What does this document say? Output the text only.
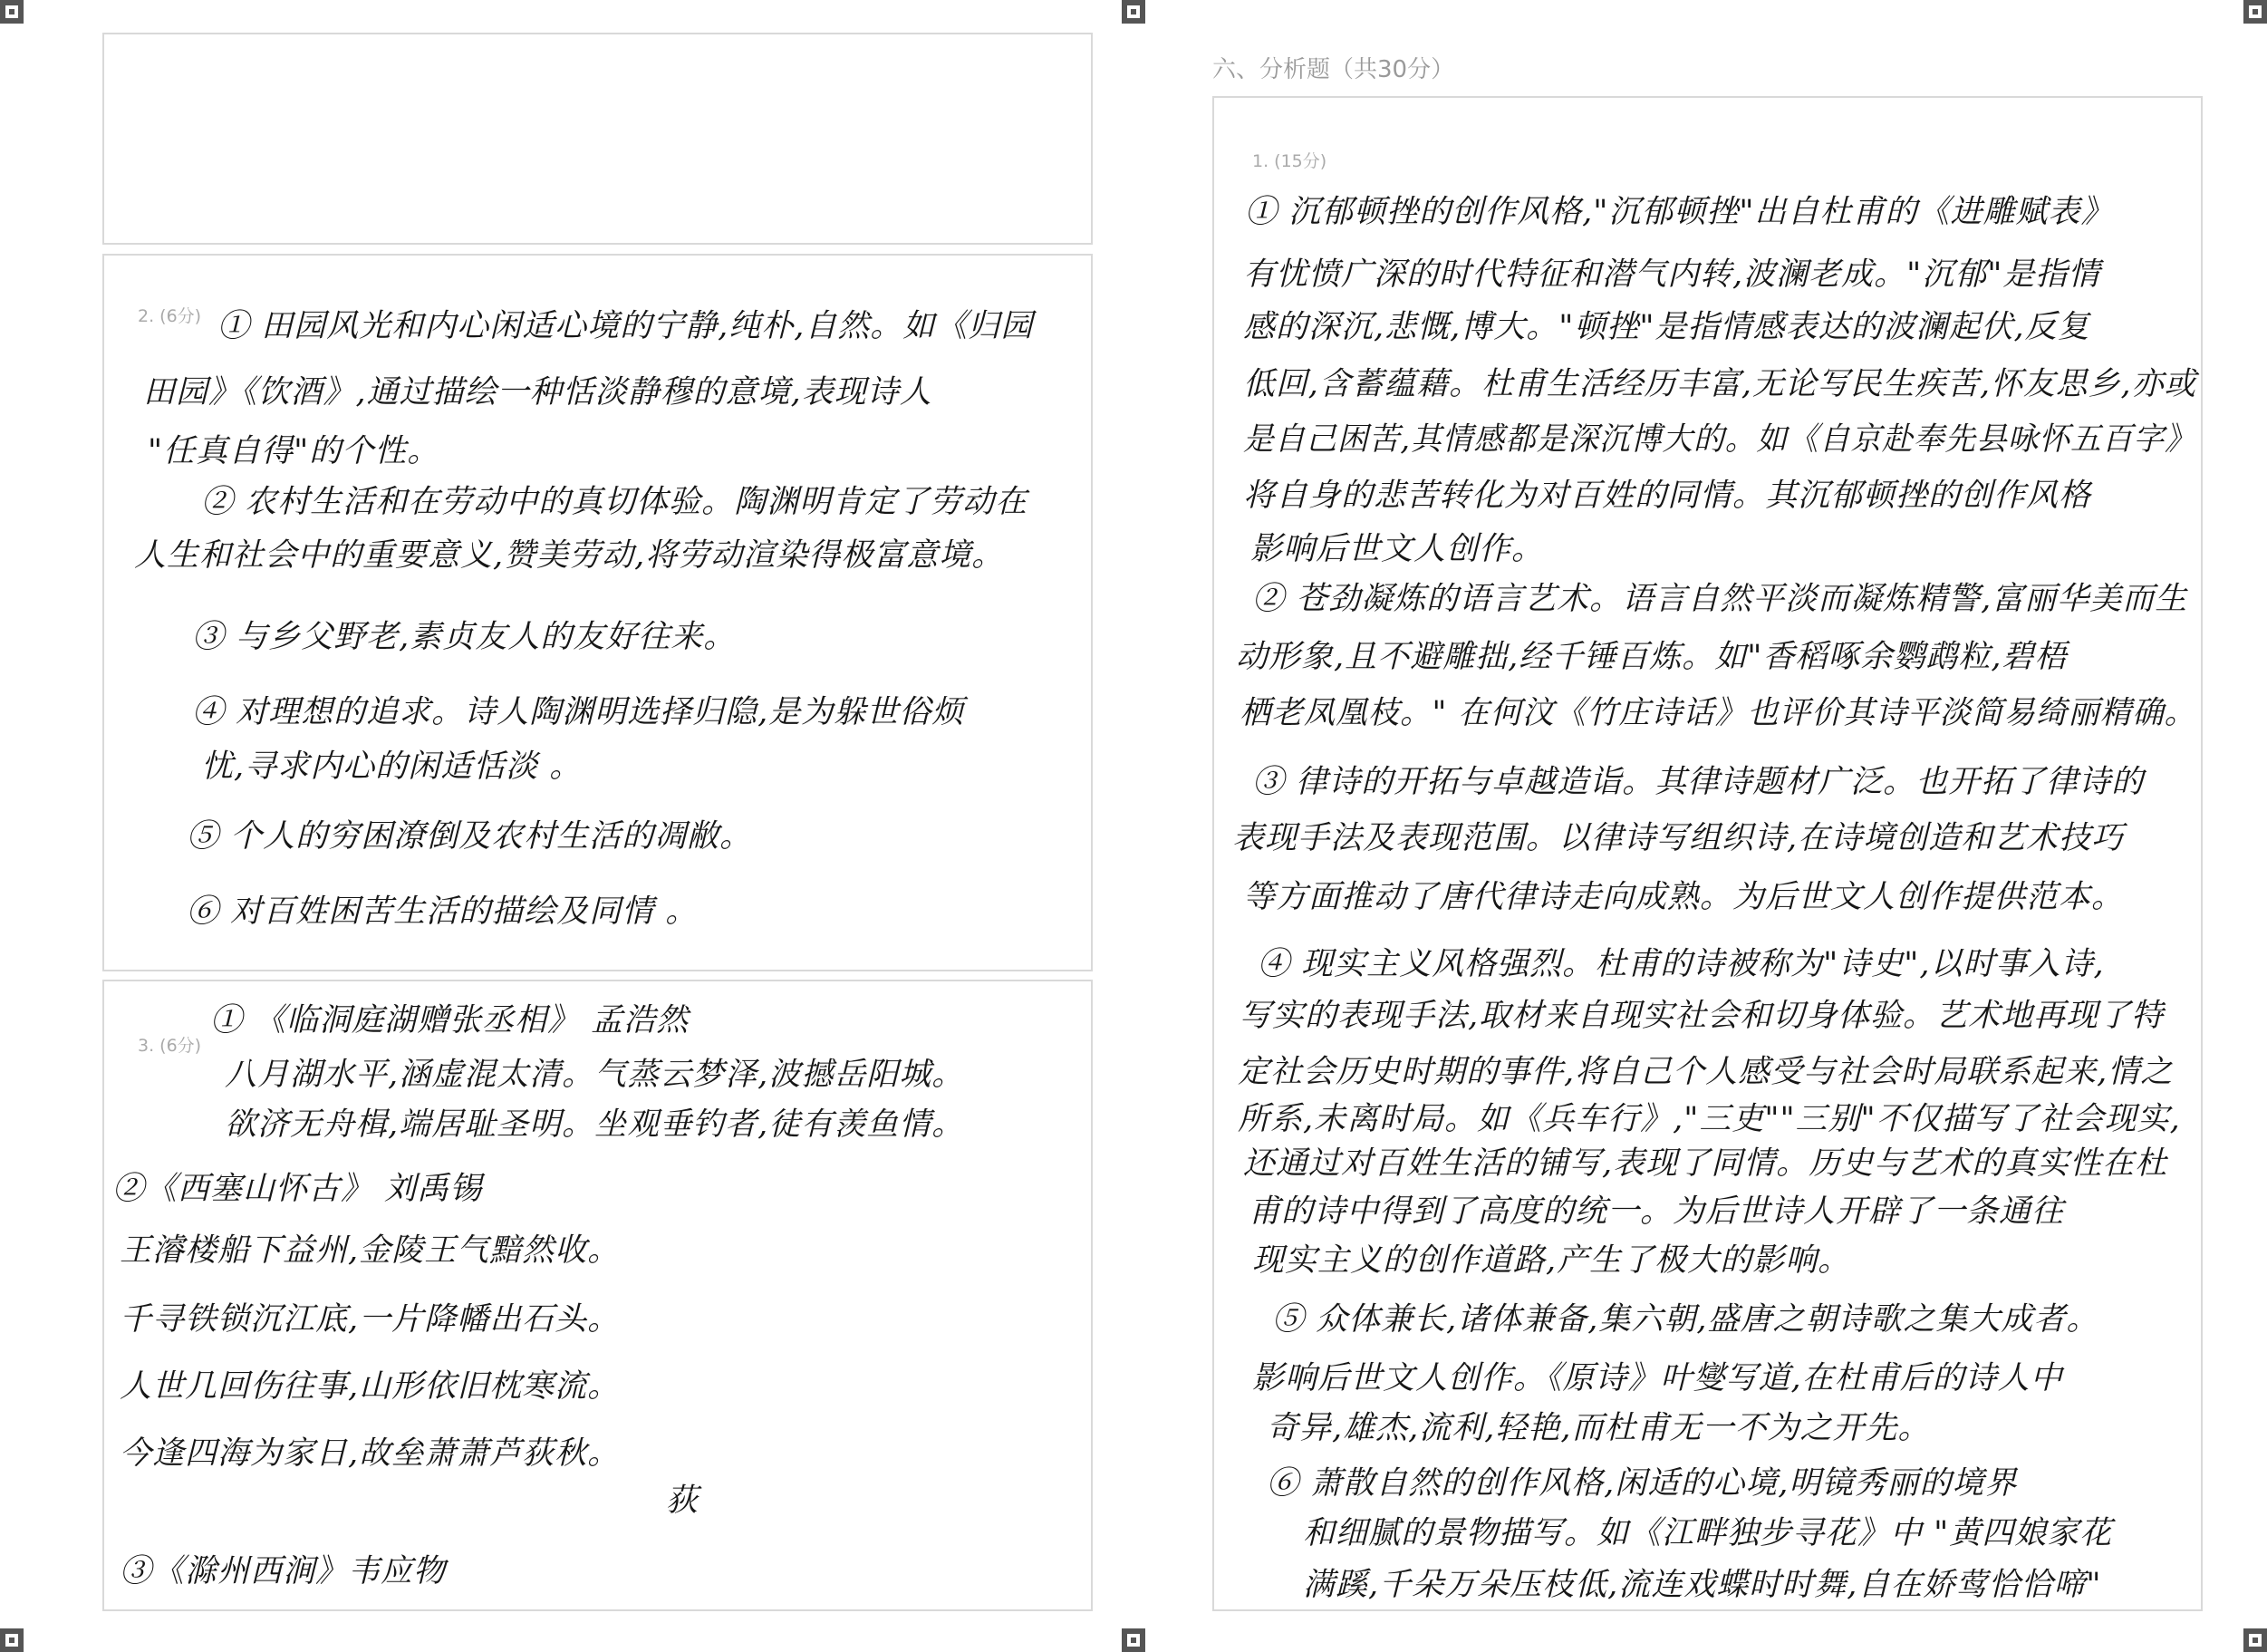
2. (6分) ① 田园风光和内心闲适心境的宁静,纯朴,自然。如《归园
田园》《饮酒》,通过描绘一种恬淡静穆的意境,表现诗人
"任真自得"的个性。
② 农村生活和在劳动中的真切体验。陶渊明肯定了劳动在
人生和社会中的重要意义,赞美劳动,将劳动渲染得极富意境。
③ 与乡父野老,素贞友人的友好往来。
④ 对理想的追求。诗人陶渊明选择归隐,是为躲世俗烦
忧,寻求内心的闲适恬淡 。
⑤ 个人的穷困潦倒及农村生活的凋敝。
⑥ 对百姓困苦生活的描绘及同情 。
3. (6分)
① 《临洞庭湖赠张丞相》 孟浩然
八月湖水平,涵虚混太清。气蒸云梦泽,波撼岳阳城。
欲济无舟楫,端居耻圣明。坐观垂钓者,徒有羡鱼情。
②《西塞山怀古》 刘禹锡
王濬楼船下益州,金陵王气黯然收。
千寻铁锁沉江底,一片降幡出石头。
人世几回伤往事,山形依旧枕寒流。
今逢四海为家日,故垒萧萧芦荻秋。
荻
③《滁州西涧》韦应物
六、分析题（共30分）
1. (15分)
① 沉郁顿挫的创作风格,"沉郁顿挫"出自杜甫的《进雕赋表》
有忧愤广深的时代特征和潜气内转,波澜老成。"沉郁"是指情
感的深沉,悲慨,博大。"顿挫"是指情感表达的波澜起伏,反复
低回,含蓄蕴藉。杜甫生活经历丰富,无论写民生疾苦,怀友思乡,亦或
是自己困苦,其情感都是深沉博大的。如《自京赴奉先县咏怀五百字》
将自身的悲苦转化为对百姓的同情。其沉郁顿挫的创作风格
影响后世文人创作。
② 苍劲凝炼的语言艺术。语言自然平淡而凝炼精警,富丽华美而生
动形象,且不避雕拙,经千锤百炼。如"香稻啄余鹦鹉粒,碧梧
栖老凤凰枝。" 在何汶《竹庄诗话》也评价其诗平淡简易绮丽精确。
③ 律诗的开拓与卓越造诣。其律诗题材广泛。也开拓了律诗的
表现手法及表现范围。以律诗写组织诗,在诗境创造和艺术技巧
等方面推动了唐代律诗走向成熟。为后世文人创作提供范本。
④ 现实主义风格强烈。杜甫的诗被称为"诗史",以时事入诗,
写实的表现手法,取材来自现实社会和切身体验。艺术地再现了特
定社会历史时期的事件,将自己个人感受与社会时局联系起来,情之
所系,未离时局。如《兵车行》,"三吏""三别"不仅描写了社会现实,
还通过对百姓生活的铺写,表现了同情。历史与艺术的真实性在杜
甫的诗中得到了高度的统一。为后世诗人开辟了一条通往
现实主义的创作道路,产生了极大的影响。
⑤ 众体兼长,诸体兼备,集六朝,盛唐之朝诗歌之集大成者。
影响后世文人创作。《原诗》叶燮写道,在杜甫后的诗人中
奇异,雄杰,流利,轻艳,而杜甫无一不为之开先。
⑥ 萧散自然的创作风格,闲适的心境,明镜秀丽的境界
和细腻的景物描写。如《江畔独步寻花》中 "黄四娘家花
满蹊,千朵万朵压枝低,流连戏蝶时时舞,自在娇莺恰恰啼"
